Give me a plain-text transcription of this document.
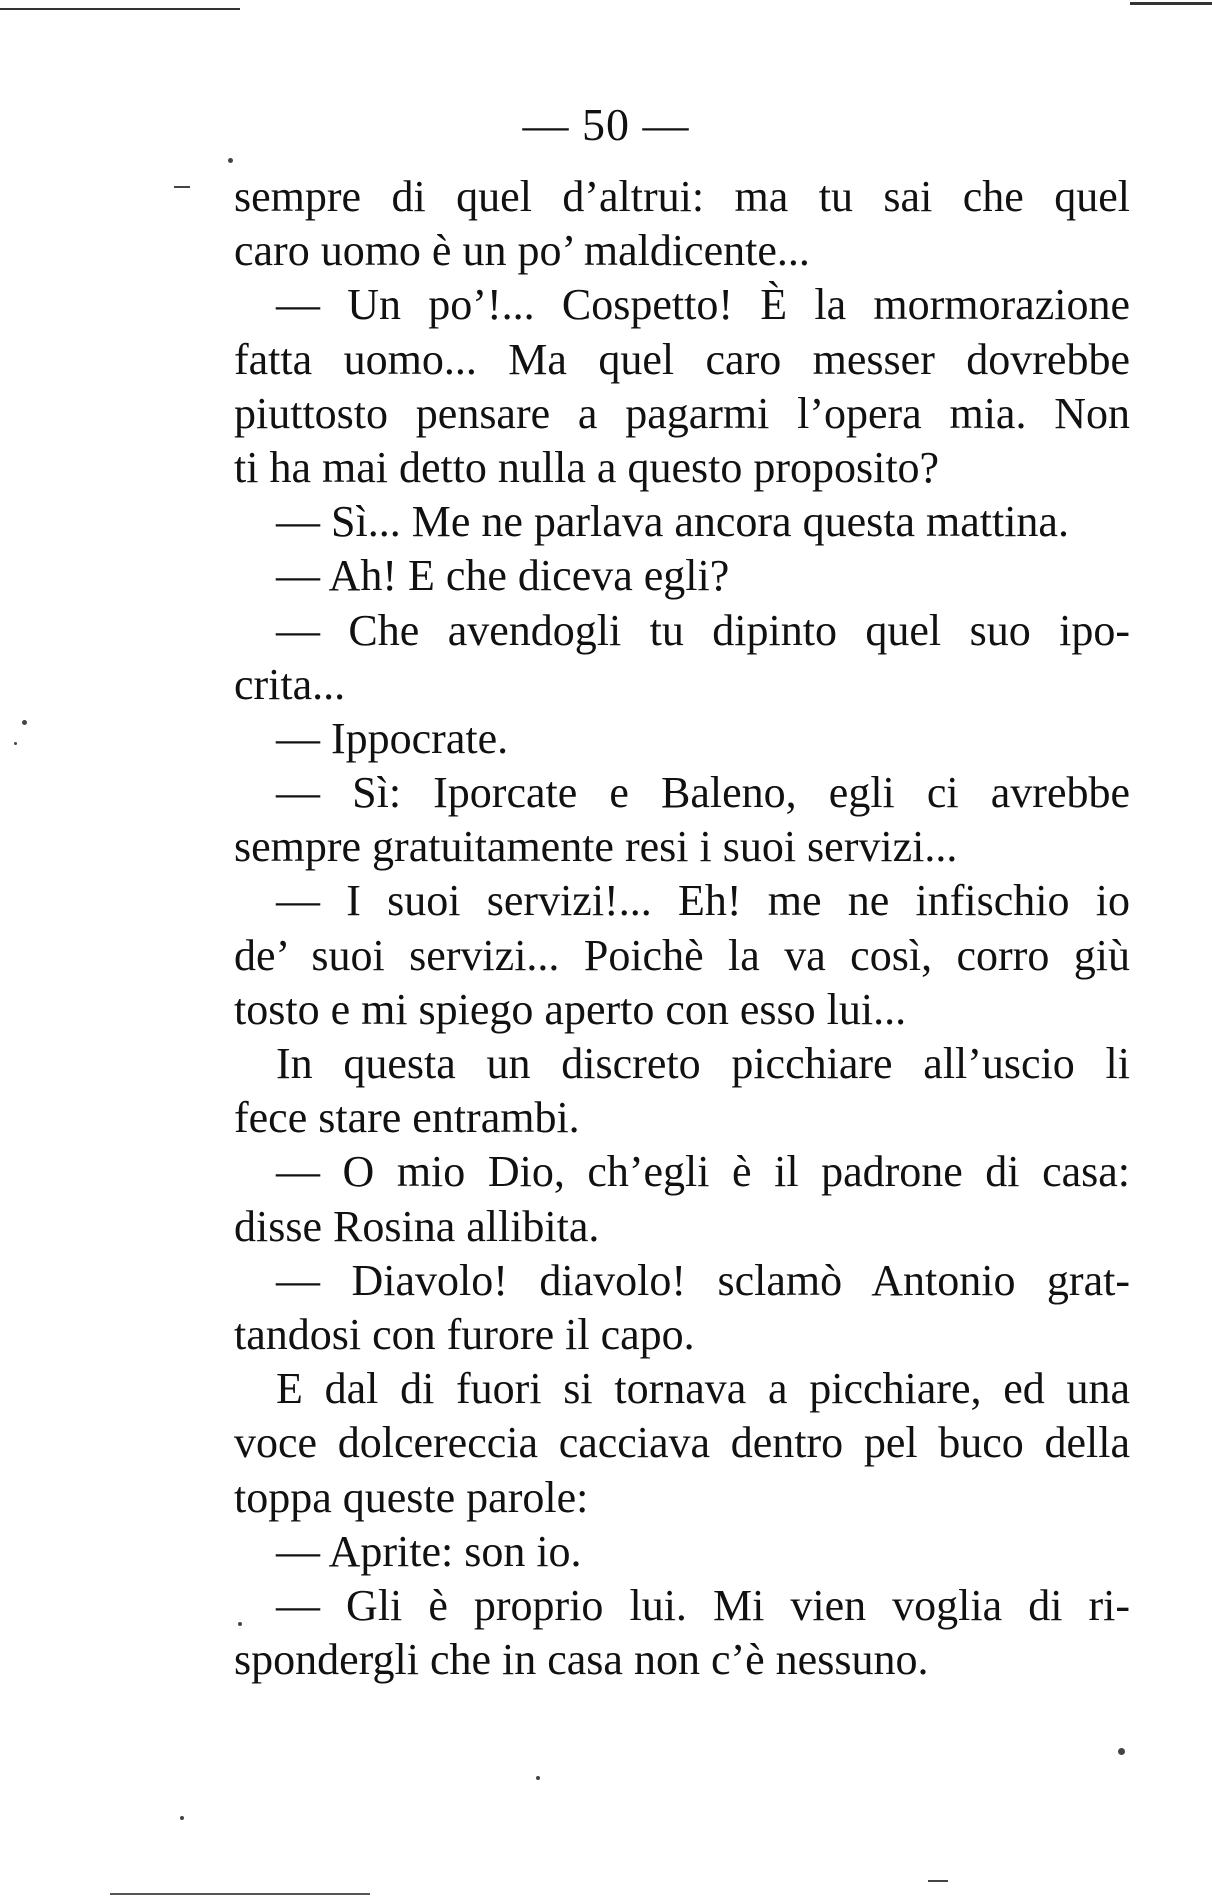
— 50 —
sempre di quel d’altrui: ma tu sai che quel
caro uomo è un po’ maldicente...
— Un po’!... Cospetto! È la mormorazione
fatta uomo... Ma quel caro messer dovrebbe
piuttosto pensare a pagarmi l’opera mia. Non
ti ha mai detto nulla a questo proposito?
— Sì... Me ne parlava ancora questa mattina.
— Ah! E che diceva egli?
— Che avendogli tu dipinto quel suo ipo-
crita...
— Ippocrate.
— Sì: Iporcate e Baleno, egli ci avrebbe
sempre gratuitamente resi i suoi servizi...
— I suoi servizi!... Eh! me ne infischio io
de’ suoi servizi... Poichè la va così, corro giù
tosto e mi spiego aperto con esso lui...
In questa un discreto picchiare all’uscio li
fece stare entrambi.
— O mio Dio, ch’egli è il padrone di casa:
disse Rosina allibita.
— Diavolo! diavolo! sclamò Antonio grat-
tandosi con furore il capo.
E dal di fuori si tornava a picchiare, ed una
voce dolcereccia cacciava dentro pel buco della
toppa queste parole:
— Aprite: son io.
— Gli è proprio lui. Mi vien voglia di ri-
spondergli che in casa non c’è nessuno.
